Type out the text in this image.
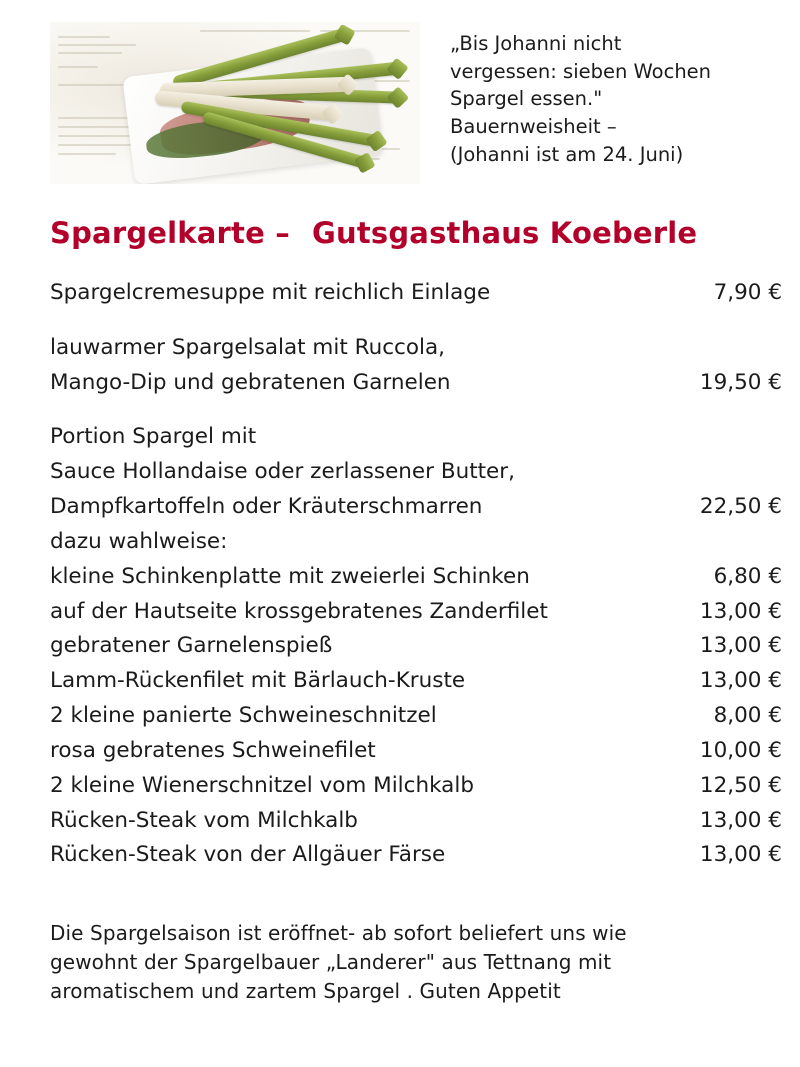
„Bis Johanni nicht
vergessen: sieben Wochen
Spargel essen."
Bauernweisheit –
(Johanni ist am 24. Juni)
Spargelkarte – Gutsgasthaus Koeberle
Spargelcremesuppe mit reichlich Einlage	7,90 €
lauwarmer Spargelsalat mit Ruccola,
Mango-Dip und gebratenen Garnelen	19,50 €
Portion Spargel mit
Sauce Hollandaise oder zerlassener Butter,
Dampfkartoffeln oder Kräuterschmarren	22,50 €
dazu wahlweise:
kleine Schinkenplatte mit zweierlei Schinken	6,80 €
auf der Hautseite krossgebratenes Zanderfilet	13,00 €
gebratener Garnelenspieß	13,00 €
Lamm-Rückenfilet mit Bärlauch-Kruste	13,00 €
2 kleine panierte Schweineschnitzel	8,00 €
rosa gebratenes Schweinefilet	10,00 €
2 kleine Wienerschnitzel vom Milchkalb	12,50 €
Rücken-Steak vom Milchkalb	13,00 €
Rücken-Steak von der Allgäuer Färse	13,00 €
Die Spargelsaison ist eröffnet- ab sofort beliefert uns wie
gewohnt der Spargelbauer „Landerer" aus Tettnang mit
aromatischem und zartem Spargel . Guten Appetit
